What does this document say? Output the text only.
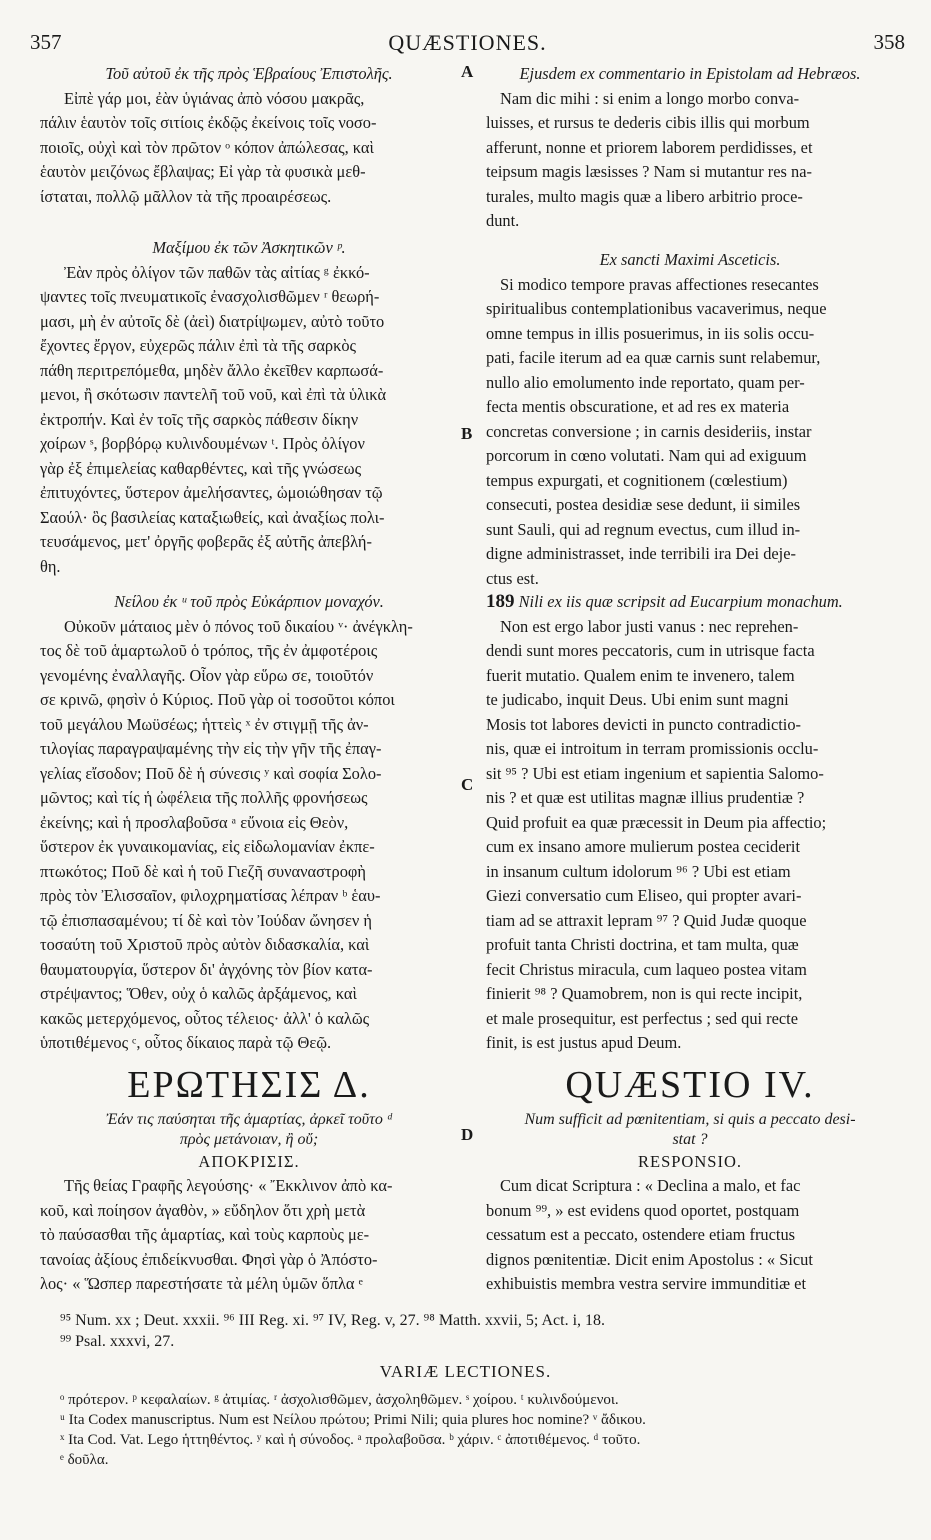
357	QUÆSTIONES.	358
A
B
C
D

Τοῦ αὐτοῦ ἐκ τῆς πρὸς Ἑβραίους Ἐπιστολῆς.

Εἰπὲ γάρ μοι, ἐὰν ὑγιάνας ἀπὸ νόσου μακρᾶς,
πάλιν ἑαυτὸν τοῖς σιτίοις ἐκδῷς ἐκείνοις τοῖς νοσο-
ποιοῖς, οὐχὶ καὶ τὸν πρῶτον ᵒ κόπον ἀπώλεσας, καὶ
ἑαυτὸν μειζόνως ἔβλαψας; Εἰ γὰρ τὰ φυσικὰ μεθ-
ίσταται, πολλῷ μᾶλλον τὰ τῆς προαιρέσεως.

Μαξίμου ἐκ τῶν Ἀσκητικῶν ᵖ.

Ἐὰν πρὸς ὀλίγον τῶν παθῶν τὰς αἰτίας ᵍ ἐκκό-
ψαντες τοῖς πνευματικοῖς ἐνασχολισθῶμεν ʳ θεωρή-
μασι, μὴ ἐν αὐτοῖς δὲ (ἀεὶ) διατρίψωμεν, αὐτὸ τοῦτο
ἔχοντες ἔργον, εὐχερῶς πάλιν ἐπὶ τὰ τῆς σαρκὸς
πάθη περιτρεπόμεθα, μηδὲν ἄλλο ἐκεῖθεν καρπωσά-
μενοι, ἢ σκότωσιν παντελῆ τοῦ νοῦ, καὶ ἐπὶ τὰ ὑλικὰ
ἐκτροπήν. Καὶ ἐν τοῖς τῆς σαρκὸς πάθεσιν δίκην
χοίρων ˢ, βορβόρῳ κυλινδουμένων ᵗ. Πρὸς ὀλίγον
γὰρ ἐξ ἐπιμελείας καθαρθέντες, καὶ τῆς γνώσεως
ἐπιτυχόντες, ὕστερον ἀμελήσαντες, ὡμοιώθησαν τῷ
Σαούλ· ὃς βασιλείας καταξιωθείς, καὶ ἀναξίως πολι-
τευσάμενος, μετ' ὀργῆς φοβερᾶς ἐξ αὐτῆς ἀπεβλή-
θη.

Νείλου ἐκ ᵘ τοῦ πρὸς Εὐκάρπιον μοναχόν.

Οὐκοῦν μάταιος μὲν ὁ πόνος τοῦ δικαίου ᵛ· ἀνέγκλη-
τος δὲ τοῦ ἁμαρτωλοῦ ὁ τρόπος, τῆς ἐν ἀμφοτέροις
γενομένης ἐναλλαγῆς. Οἷον γὰρ εὕρω σε, τοιοῦτόν
σε κρινῶ, φησὶν ὁ Κύριος. Ποῦ γὰρ οἱ τοσοῦτοι κόποι
τοῦ μεγάλου Μωϋσέως; ἡττεὶς ˣ ἐν στιγμῇ τῆς ἀν-
τιλογίας παραγραψαμένης τὴν εἰς τὴν γῆν τῆς ἐπαγ-
γελίας εἴσοδον; Ποῦ δὲ ἡ σύνεσις ʸ καὶ σοφία Σολο-
μῶντος; καὶ τίς ἡ ὠφέλεια τῆς πολλῆς φρονήσεως
ἐκείνης; καὶ ἡ προσλαβοῦσα ᵃ εὔνοια εἰς Θεὸν,
ὕστερον ἐκ γυναικομανίας, εἰς εἰδωλομανίαν ἐκπε-
πτωκότος; Ποῦ δὲ καὶ ἡ τοῦ Γιεζῆ συναναστροφὴ
πρὸς τὸν Ἐλισσαῖον, φιλοχρηματίσας λέπραν ᵇ ἑαυ-
τῷ ἐπισπασαμένου; τί δὲ καὶ τὸν Ἰούδαν ὤνησεν ἡ
τοσαύτη τοῦ Χριστοῦ πρὸς αὐτὸν διδασκαλία, καὶ
θαυματουργία, ὕστερον δι' ἀγχόνης τὸν βίον κατα-
στρέψαντος; Ὅθεν, οὐχ ὁ καλῶς ἀρξάμενος, καὶ
κακῶς μετερχόμενος, οὗτος τέλειος· ἀλλ' ὁ καλῶς
ὑποτιθέμενος ᶜ, οὗτος δίκαιος παρὰ τῷ Θεῷ.

Ejusdem ex commentario in Epistolam ad Hebræos.

Nam dic mihi : si enim a longo morbo conva-
luisses, et rursus te dederis cibis illis qui morbum
afferunt, nonne et priorem laborem perdidisses, et
teipsum magis læsisses ? Nam si mutantur res na-
turales, multo magis quæ a libero arbitrio proce-
dunt.

Ex sancti Maximi Asceticis.

Si modico tempore pravas affectiones resecantes
spiritualibus contemplationibus vacaverimus, neque
omne tempus in illis posuerimus, in iis solis occu-
pati, facile iterum ad ea quæ carnis sunt relabemur,
nullo alio emolumento inde reportato, quam per-
fecta mentis obscuratione, et ad res ex materia
concretas conversione ; in carnis desideriis, instar
porcorum in cœno volutati. Nam qui ad exiguum
tempus expurgati, et cognitionem (cœlestium)
consecuti, postea desidiæ sese dedunt, ii similes
sunt Sauli, qui ad regnum evectus, cum illud in-
digne administrasset, inde terribili ira Dei deje-
ctus est.

189 Nili ex iis quæ scripsit ad Eucarpium monachum.

Non est ergo labor justi vanus : nec reprehen-
dendi sunt mores peccatoris, cum in utrisque facta
fuerit mutatio. Qualem enim te invenero, talem
te judicabo, inquit Deus. Ubi enim sunt magni
Mosis tot labores devicti in puncto contradictio-
nis, quæ ei introitum in terram promissionis occlu-
sit ⁹⁵ ? Ubi est etiam ingenium et sapientia Salomo-
nis ? et quæ est utilitas magnæ illius prudentiæ ?
Quid profuit ea quæ præcessit in Deum pia affectio;
cum ex insano amore mulierum postea ceciderit
in insanum cultum idolorum ⁹⁶ ? Ubi est etiam
Giezi conversatio cum Eliseo, qui propter avari-
tiam ad se attraxit lepram ⁹⁷ ? Quid Judæ quoque
profuit tanta Christi doctrina, et tam multa, quæ
fecit Christus miracula, cum laqueo postea vitam
finierit ⁹⁸ ? Quamobrem, non is qui recte incipit,
et male prosequitur, est perfectus ; sed qui recte
finit, is est justus apud Deum.

ΕΡΩΤΗΣΙΣ Δ.	QUÆSTIO IV.
Ἐάν τις παύσηται τῆς ἁμαρτίας, ἀρκεῖ τοῦτο ᵈ
πρὸς μετάνοιαν, ἢ οὔ;
Num sufficit ad pœnitentiam, si quis a peccato desi-
stat ?
ΑΠΟΚΡΙΣΙΣ.	RESPONSIO.

Τῆς θείας Γραφῆς λεγούσης· « Ἔκκλινον ἀπὸ κα-
κοῦ, καὶ ποίησον ἀγαθὸν, » εὔδηλον ὅτι χρὴ μετὰ
τὸ παύσασθαι τῆς ἁμαρτίας, καὶ τοὺς καρποὺς με-
τανοίας ἀξίους ἐπιδείκνυσθαι. Φησὶ γὰρ ὁ Ἀπόστο-
λος· « Ὥσπερ παρεστήσατε τὰ μέλη ὑμῶν ὅπλα ᵉ

Cum dicat Scriptura : « Declina a malo, et fac
bonum ⁹⁹, » est evidens quod oportet, postquam
cessatum est a peccato, ostendere etiam fructus
dignos pœnitentiæ. Dicit enim Apostolus : « Sicut
exhibuistis membra vestra servire immunditiæ et

⁹⁵ Num. xx ; Deut. xxxii. ⁹⁶ III Reg. xi. ⁹⁷ IV, Reg. v, 27. ⁹⁸ Matth. xxvii, 5; Act. i, 18.
⁹⁹ Psal. xxxvi, 27.
VARIÆ LECTIONES.
ᵒ πρότερον. ᵖ κεφαλαίων. ᵍ ἀτιμίας. ʳ ἀσχολισθῶμεν, ἀσχοληθῶμεν. ˢ χοίρου. ᵗ κυλινδούμενοι.
ᵘ Ita Codex manuscriptus. Num est Νείλου πρώτου; Primi Nili; quia plures hoc nomine? ᵛ ἄδικου.
ˣ Ita Cod. Vat. Lego ἡττηθέντος. ʸ καὶ ἡ σύνοδος. ᵃ προλαβοῦσα. ᵇ χάριν. ᶜ ἀποτιθέμενος. ᵈ τοῦτο.
ᵉ δοῦλα.
